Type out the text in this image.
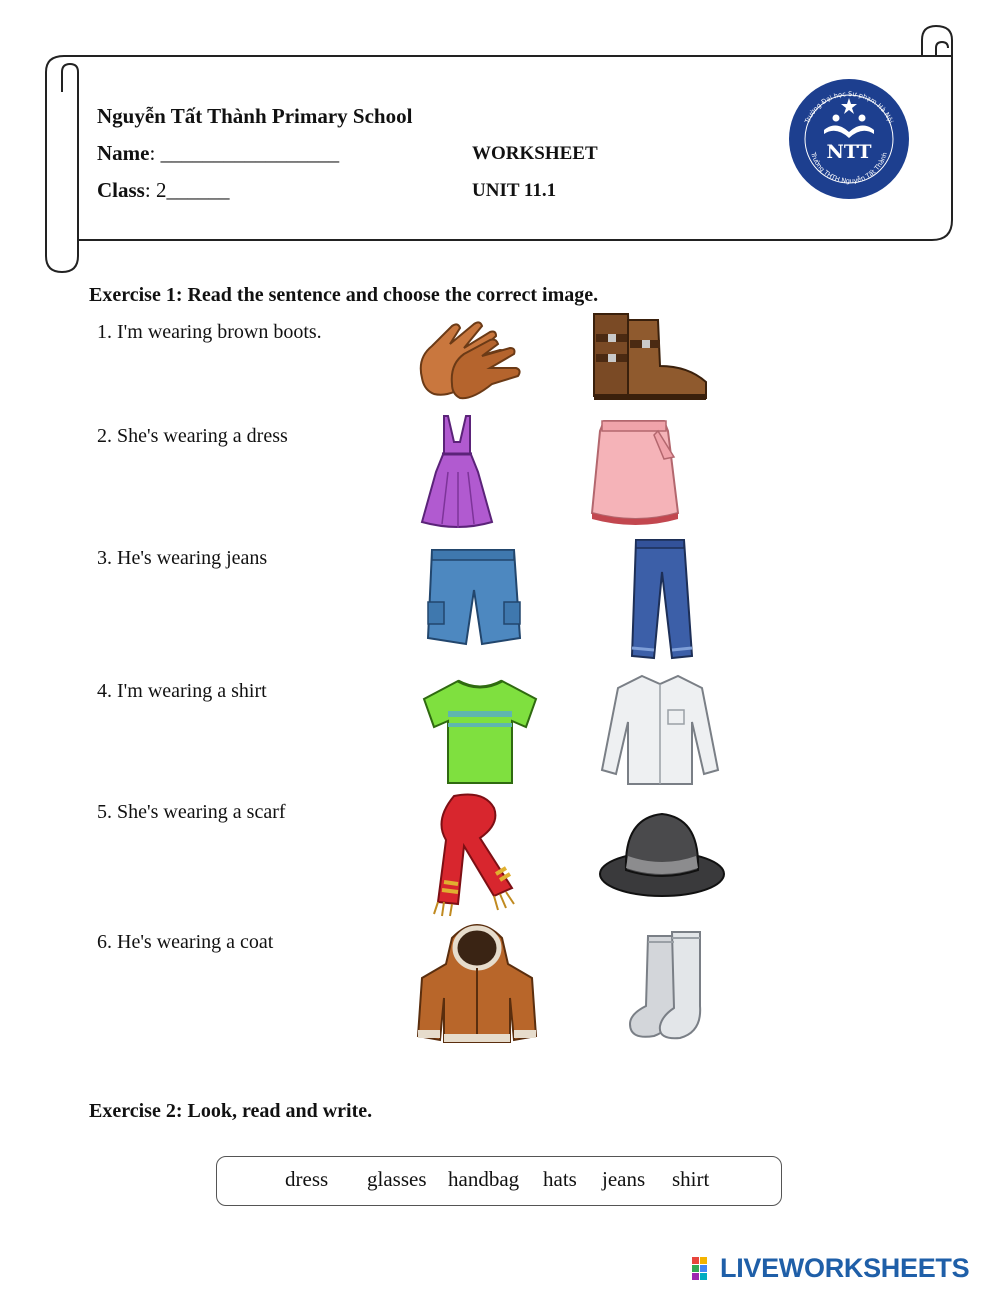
Nguyễn Tất Thành Primary School
Name: _________________
Class: 2______
WORKSHEET
UNIT 11.1
Trường Đại học Sư phạm Hà Nội
Trường THTH Nguyễn Tất Thành
NTT
Exercise 1: Read the sentence and choose the correct image.
1. I'm wearing brown boots.
2. She's wearing a dress
3. He's wearing jeans
4. I'm wearing a shirt
5. She's wearing a scarf
6. He's wearing a coat
Exercise 2: Look, read and write.
dress glasses handbag hats jeans shirt
LIVEWORKSHEETS
